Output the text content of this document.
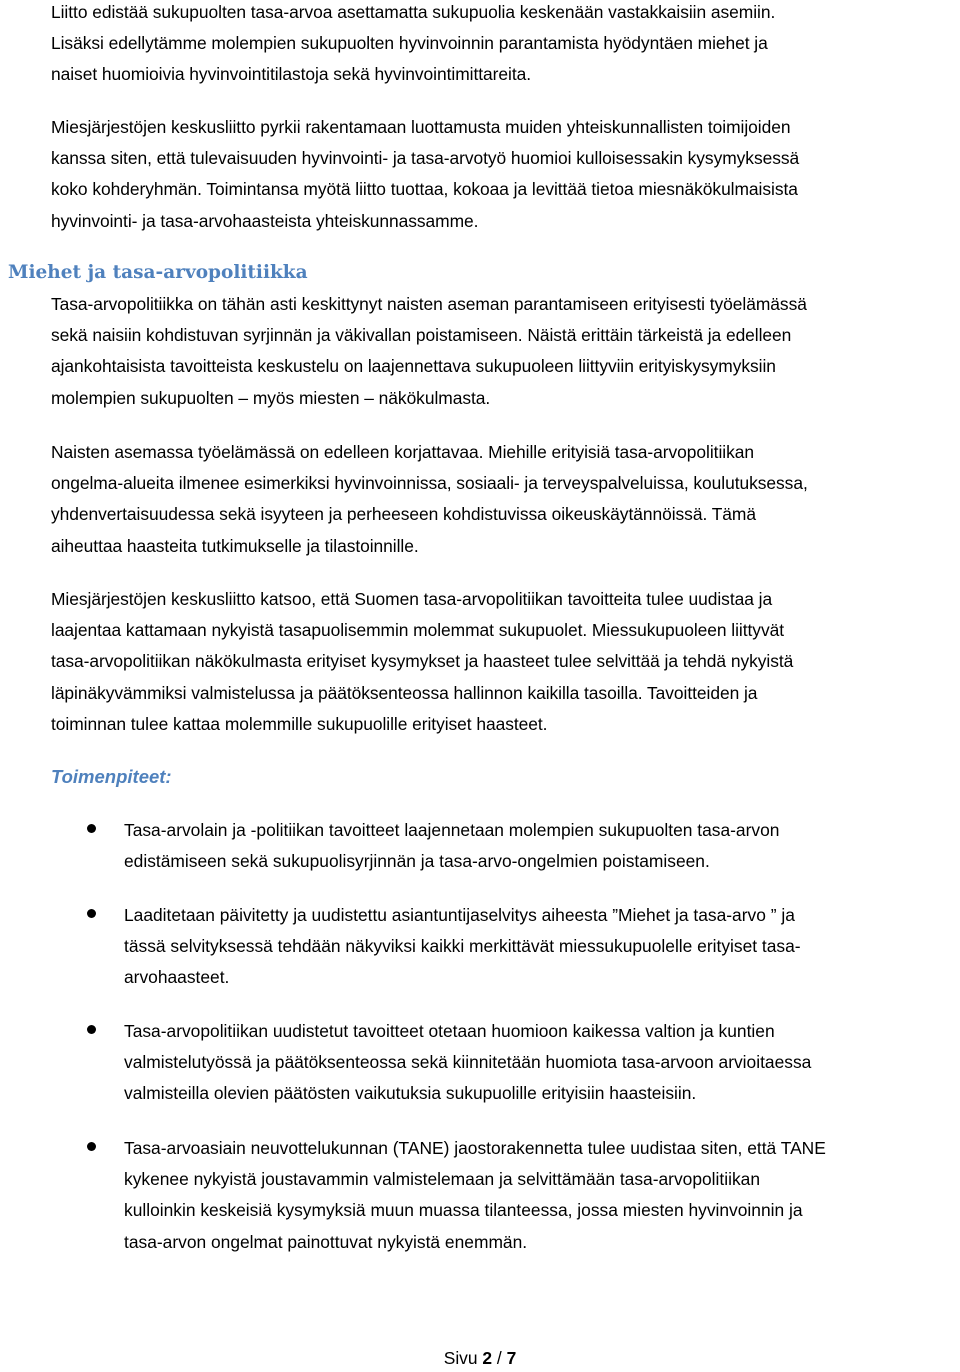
Liitto edistää sukupuolten tasa-arvoa asettamatta sukupuolia keskenään vastakkaisiin asemiin.
Lisäksi edellytämme molempien sukupuolten hyvinvoinnin parantamista hyödyntäen miehet ja
naiset huomioivia hyvinvointitilastoja sekä hyvinvointimittareita.
Miesjärjestöjen keskusliitto pyrkii rakentamaan luottamusta muiden yhteiskunnallisten toimijoiden
kanssa siten, että tulevaisuuden hyvinvointi- ja tasa-arvotyö huomioi kulloisessakin kysymyksessä
koko kohderyhmän. Toimintansa myötä liitto tuottaa, kokoaa ja levittää tietoa miesnäkökulmaisista
hyvinvointi- ja tasa-arvohaasteista yhteiskunnassamme.
Miehet ja tasa-arvopolitiikka
Tasa-arvopolitiikka on tähän asti keskittynyt naisten aseman parantamiseen erityisesti työelämässä
sekä naisiin kohdistuvan syrjinnän ja väkivallan poistamiseen. Näistä erittäin tärkeistä ja edelleen
ajankohtaisista tavoitteista keskustelu on laajennettava sukupuoleen liittyviin erityiskysymyksiin
molempien sukupuolten – myös miesten – näkökulmasta.
Naisten asemassa työelämässä on edelleen korjattavaa. Miehille erityisiä tasa-arvopolitiikan
ongelma-alueita ilmenee esimerkiksi hyvinvoinnissa, sosiaali- ja terveyspalveluissa, koulutuksessa,
yhdenvertaisuudessa sekä isyyteen ja perheeseen kohdistuvissa oikeuskäytännöissä. Tämä
aiheuttaa haasteita tutkimukselle ja tilastoinnille.
Miesjärjestöjen keskusliitto katsoo, että Suomen tasa-arvopolitiikan tavoitteita tulee uudistaa ja
laajentaa kattamaan nykyistä tasapuolisemmin molemmat sukupuolet. Miessukupuoleen liittyvät
tasa-arvopolitiikan näkökulmasta erityiset kysymykset ja haasteet tulee selvittää ja tehdä nykyistä
läpinäkyvämmiksi valmistelussa ja päätöksenteossa hallinnon kaikilla tasoilla. Tavoitteiden ja
toiminnan tulee kattaa molemmille sukupuolille erityiset haasteet.
Toimenpiteet:
Tasa-arvolain ja -politiikan tavoitteet laajennetaan molempien sukupuolten tasa-arvon
edistämiseen sekä sukupuolisyrjinnän ja tasa-arvo-ongelmien poistamiseen.
Laaditetaan päivitetty ja uudistettu asiantuntijaselvitys aiheesta ”Miehet ja tasa-arvo ” ja
tässä selvityksessä tehdään näkyviksi kaikki merkittävät miessukupuolelle erityiset tasa-
arvohaasteet.
Tasa-arvopolitiikan uudistetut tavoitteet otetaan huomioon kaikessa valtion ja kuntien
valmistelutyössä ja päätöksenteossa sekä kiinnitetään huomiota tasa-arvoon arvioitaessa
valmisteilla olevien päätösten vaikutuksia sukupuolille erityisiin haasteisiin.
Tasa-arvoasiain neuvottelukunnan (TANE) jaostorakennetta tulee uudistaa siten, että TANE
kykenee nykyistä joustavammin valmistelemaan ja selvittämään tasa-arvopolitiikan
kulloinkin keskeisiä kysymyksiä muun muassa tilanteessa, jossa miesten hyvinvoinnin ja
tasa-arvon ongelmat painottuvat nykyistä enemmän.
Sivu 2 / 7
